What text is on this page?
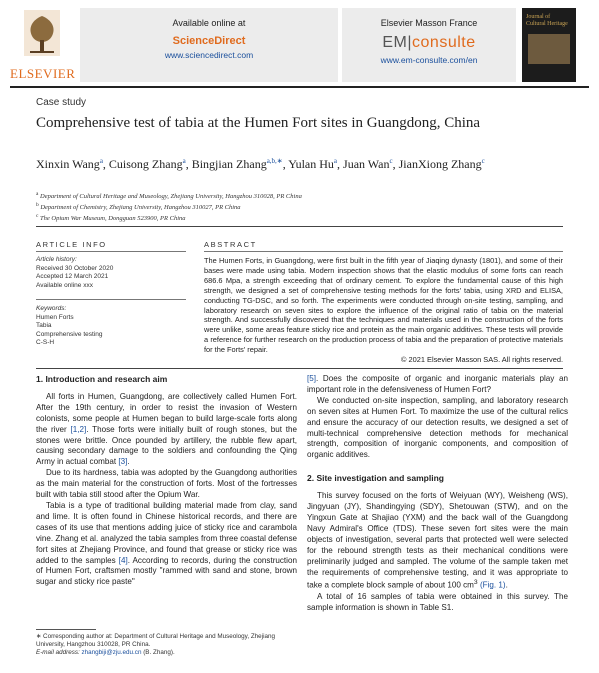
ELSEVIER
Available online at
ScienceDirect
www.sciencedirect.com
Elsevier Masson France
EM|consulte
www.em-consulte.com/en
Journal of
Cultural Heritage
Case study
Comprehensive test of tabia at the Humen Fort sites in Guangdong, China
Xinxin Wang$^a$, Cuisong Zhang$^a$, Bingjian Zhang$^{a,b,∗}$, Yulan Hu$^a$, Juan Wan$^c$, JianXiong Zhang$^c$
$^a$ Department of Cultural Heritage and Museology, Zhejiang University, Hangzhou 310028, PR China
$^b$ Department of Chemistry, Zhejiang University, Hangzhou 310027, PR China
$^c$ The Opium War Museum, Dongguan 523900, PR China
ARTICLE INFO	ABSTRACT
Article history:
Received 30 October 2020
Accepted 12 March 2021
Available online xxx
Keywords:
Humen Forts
Tabia
Comprehensive testing
C-S-H
The Humen Forts, in Guangdong, were first built in the fifth year of Jiaqing dynasty (1801), and some of their bases were made using tabia. Modern inspection shows that the elastic modulus of some forts can reach 686.6 Mpa, a strength exceeding that of ordinary cement. To explore the fundamental cause of this high strength, we designed a set of comprehensive testing methods for the forts' tabia, using XRD and ELISA, conducting TG-DSC, and so forth. The experiments were conducted through on-site testing, sampling, and laboratory research on seven sites to explore the influence of the original ratio of tabia on the material strength. And successfully discovered that the techniques and materials used in the construction of the forts were unlike, some areas feature sticky rice and protein as the main organic additives. These tests will provide a reference for further research on the production process of tabia and the preparation of protective materials for the Forts' repair.
© 2021 Elsevier Masson SAS. All rights reserved.
1. Introduction and research aim

All forts in Humen, Guangdong, are collectively called Humen Fort. After the 19th century, in order to resist the invasion of Western colonists, some people at Humen began to build large-scale forts along the river [1,2]. Those forts were initially built of rough stones, but the stones were brittle. Once pounded by artillery, the rubble flew apart, causing secondary damage to the soldiers and confounding the Qing Army in actual combat [3].

Due to its hardness, tabia was adopted by the Guangdong authorities as the main material for the construction of forts. Most of the fortresses built with tabia still stood after the Opium War.

Tabia is a type of traditional building material made from clay, sand and lime. It is often found in Chinese historical records, and there are cases of its use that mentions adding juice of sticky rice and carambola vine. Zhang et al. analyzed the tabia samples from three coastal defense fort sites at Zhejiang Province, and found that grease or sticky rice was added to the samples [4]. According to records, during the construction of Humen Fort, craftsmen mostly "rammed with sand and stone, brown sugar and sticky rice paste"

[5]. Does the composite of organic and inorganic materials play an important role in the defensiveness of Humen Fort?

We conducted on-site inspection, sampling, and laboratory research on seven sites at Humen Fort. To maximize the use of the cultural relics and ensure the accuracy of our detection results, we designed a set of multi-technical comprehensive detection methods for mechanical strength, composition of inorganic components, and composition of organic additives.

2. Site investigation and sampling

This survey focused on the forts of Weiyuan (WY), Weisheng (WS), Jingyuan (JY), Shandingying (SDY), Shetouwan (STW), and on the Yingxun Gate at Shajiao (YXM) and the back wall of the Guangdong Navy Admiral's Office (TDS). These seven fort sites were the main objects of investigation, several parts that protected well were selected for the rebound strength tests as their mechanical conditions were preliminarily judged and sampled. The volume of the sample taken met the requirements of comprehensive testing, and it was appropriate to take a complete block sample of about 100 $cm^3$ (Fig. 1).

A total of 16 samples of tabia were obtained in this survey. The sample information is shown in Table S1.

∗ Corresponding author at: Department of Cultural Heritage and Museology, Zhejiang University, Hangzhou 310028, PR China.
E-mail address: zhangbiji@zju.edu.cn (B. Zhang).
